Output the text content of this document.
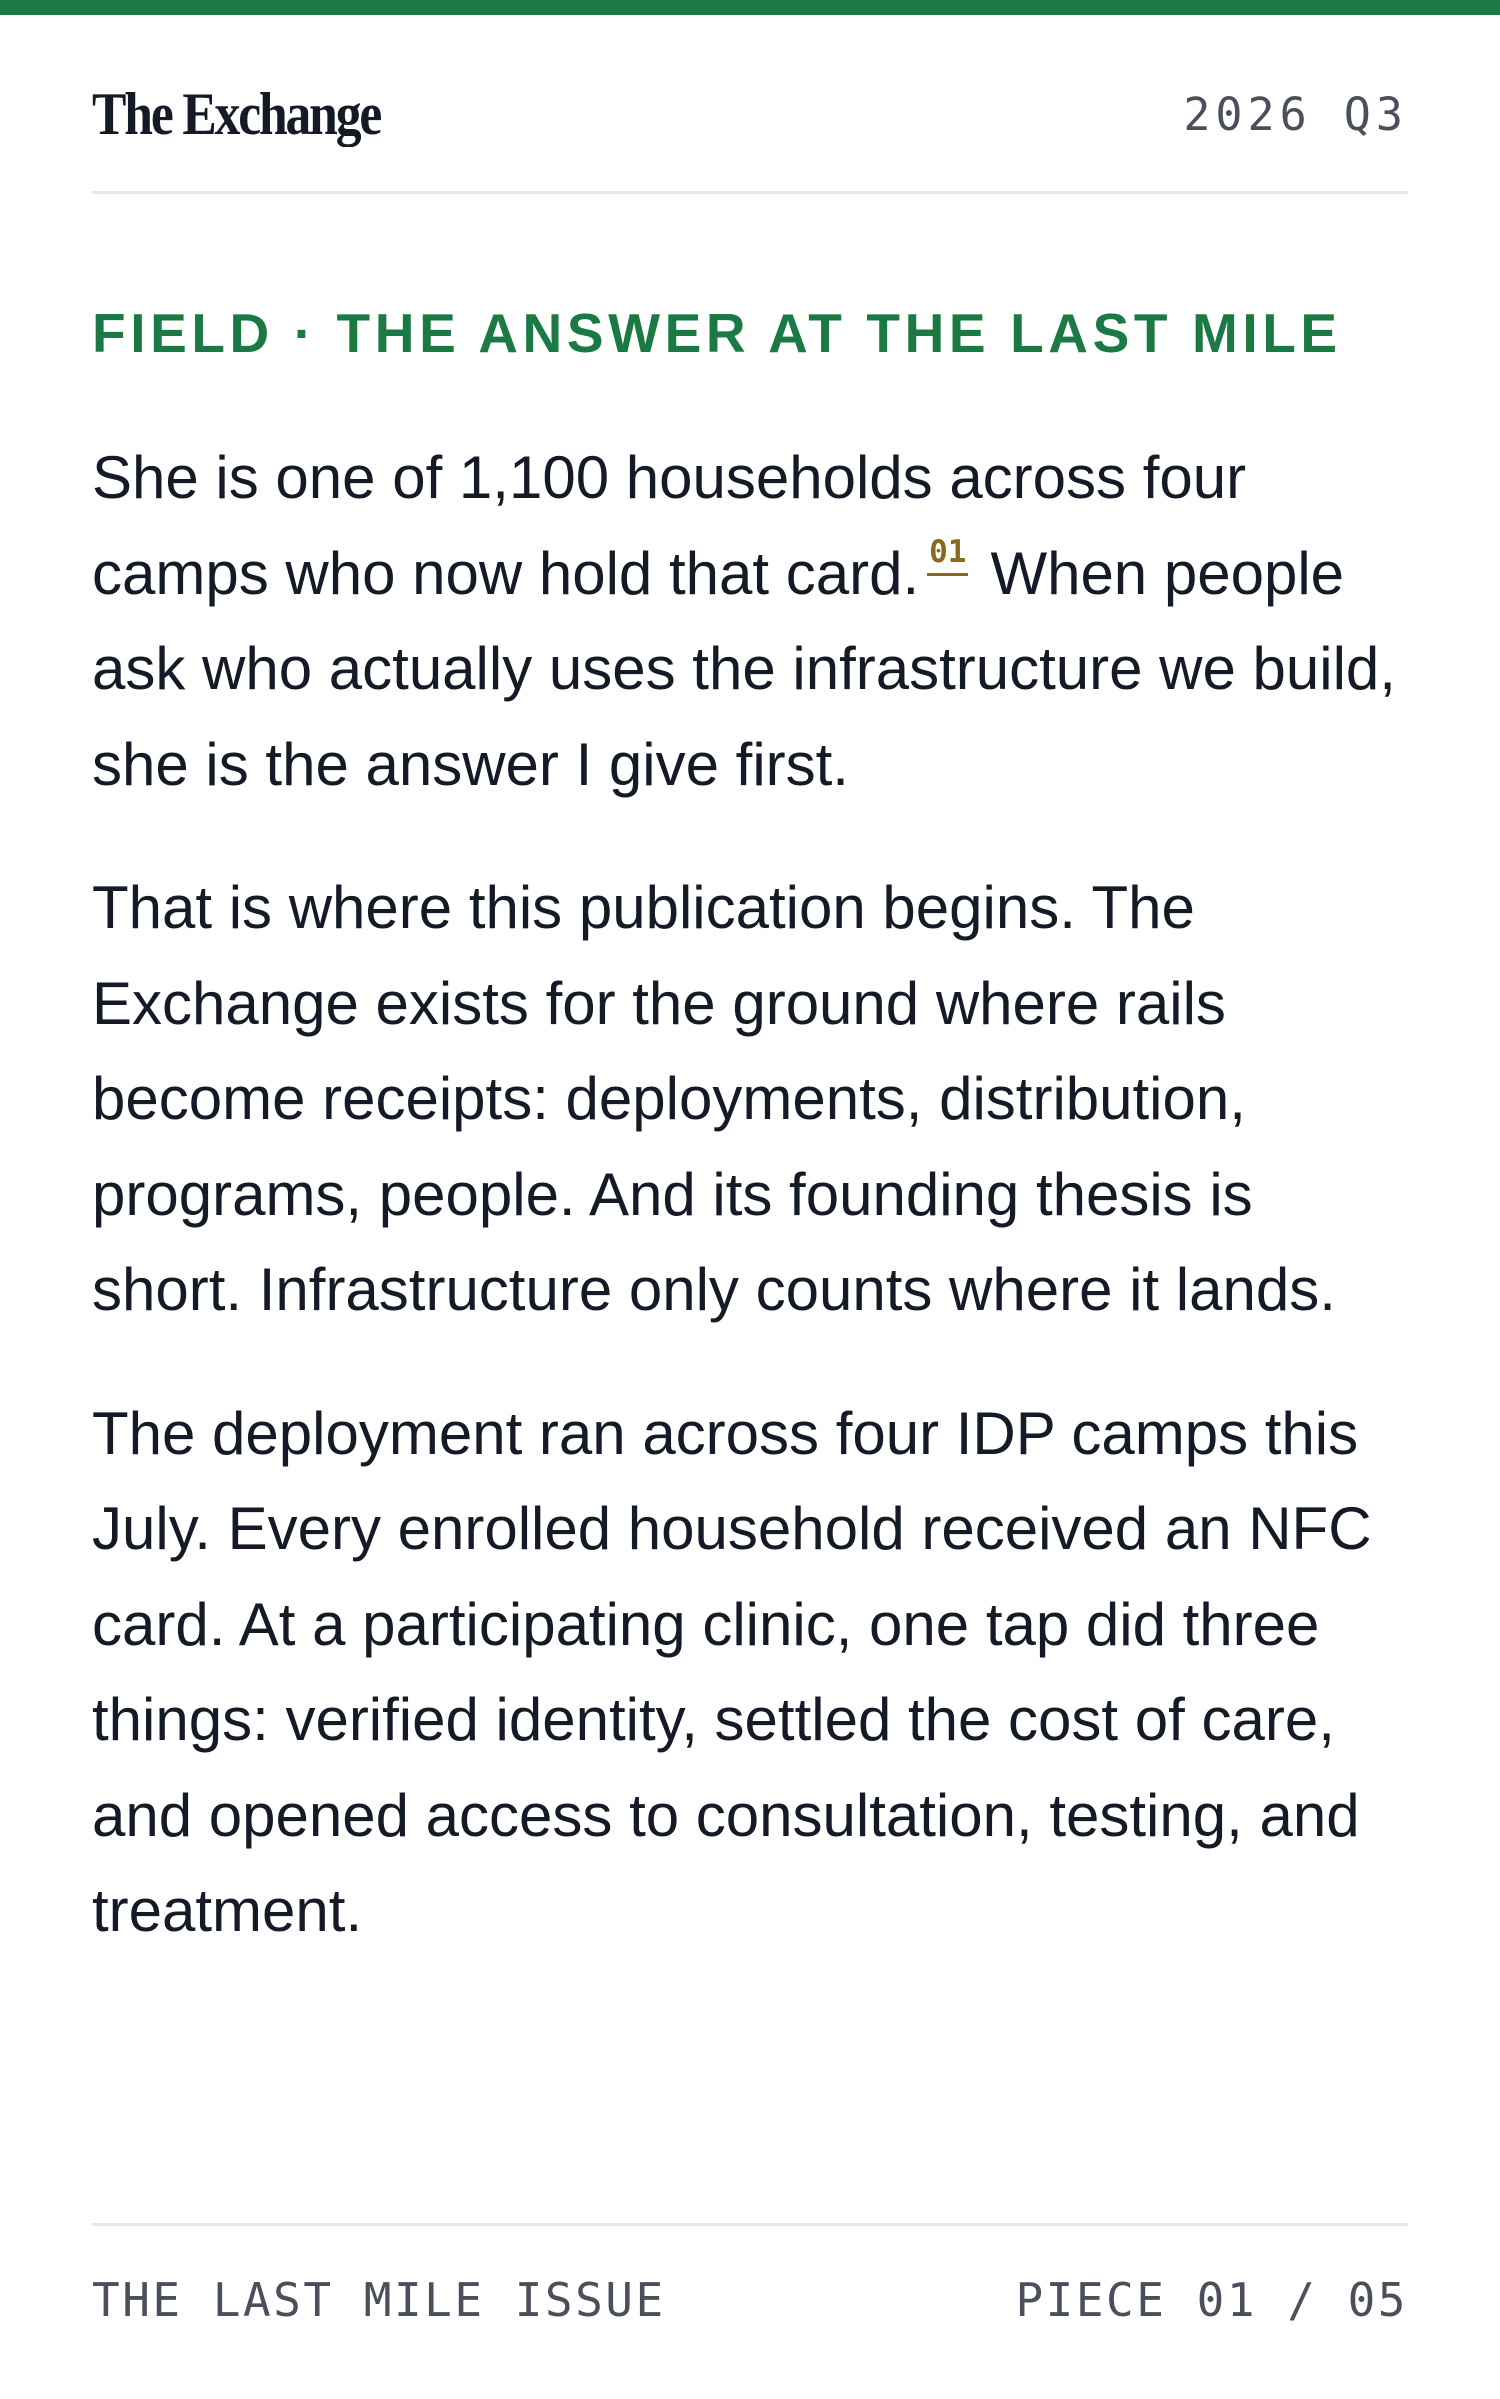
The Exchange	2026 Q3
FIELD · THE ANSWER AT THE LAST MILE

She is one of 1,100 households across four camps who now hold that card. 01 When people ask who actually uses the infrastructure we build, she is the answer I give first.

That is where this publication begins. The Exchange exists for the ground where rails become receipts: deployments, distribution, programs, people. And its founding thesis is short. Infrastructure only counts where it lands.

The deployment ran across four IDP camps this July. Every enrolled household received an NFC card. At a participating clinic, one tap did three things: verified identity, settled the cost of care, and opened access to consultation, testing, and treatment.

THE LAST MILE ISSUE	PIECE 01 / 05
